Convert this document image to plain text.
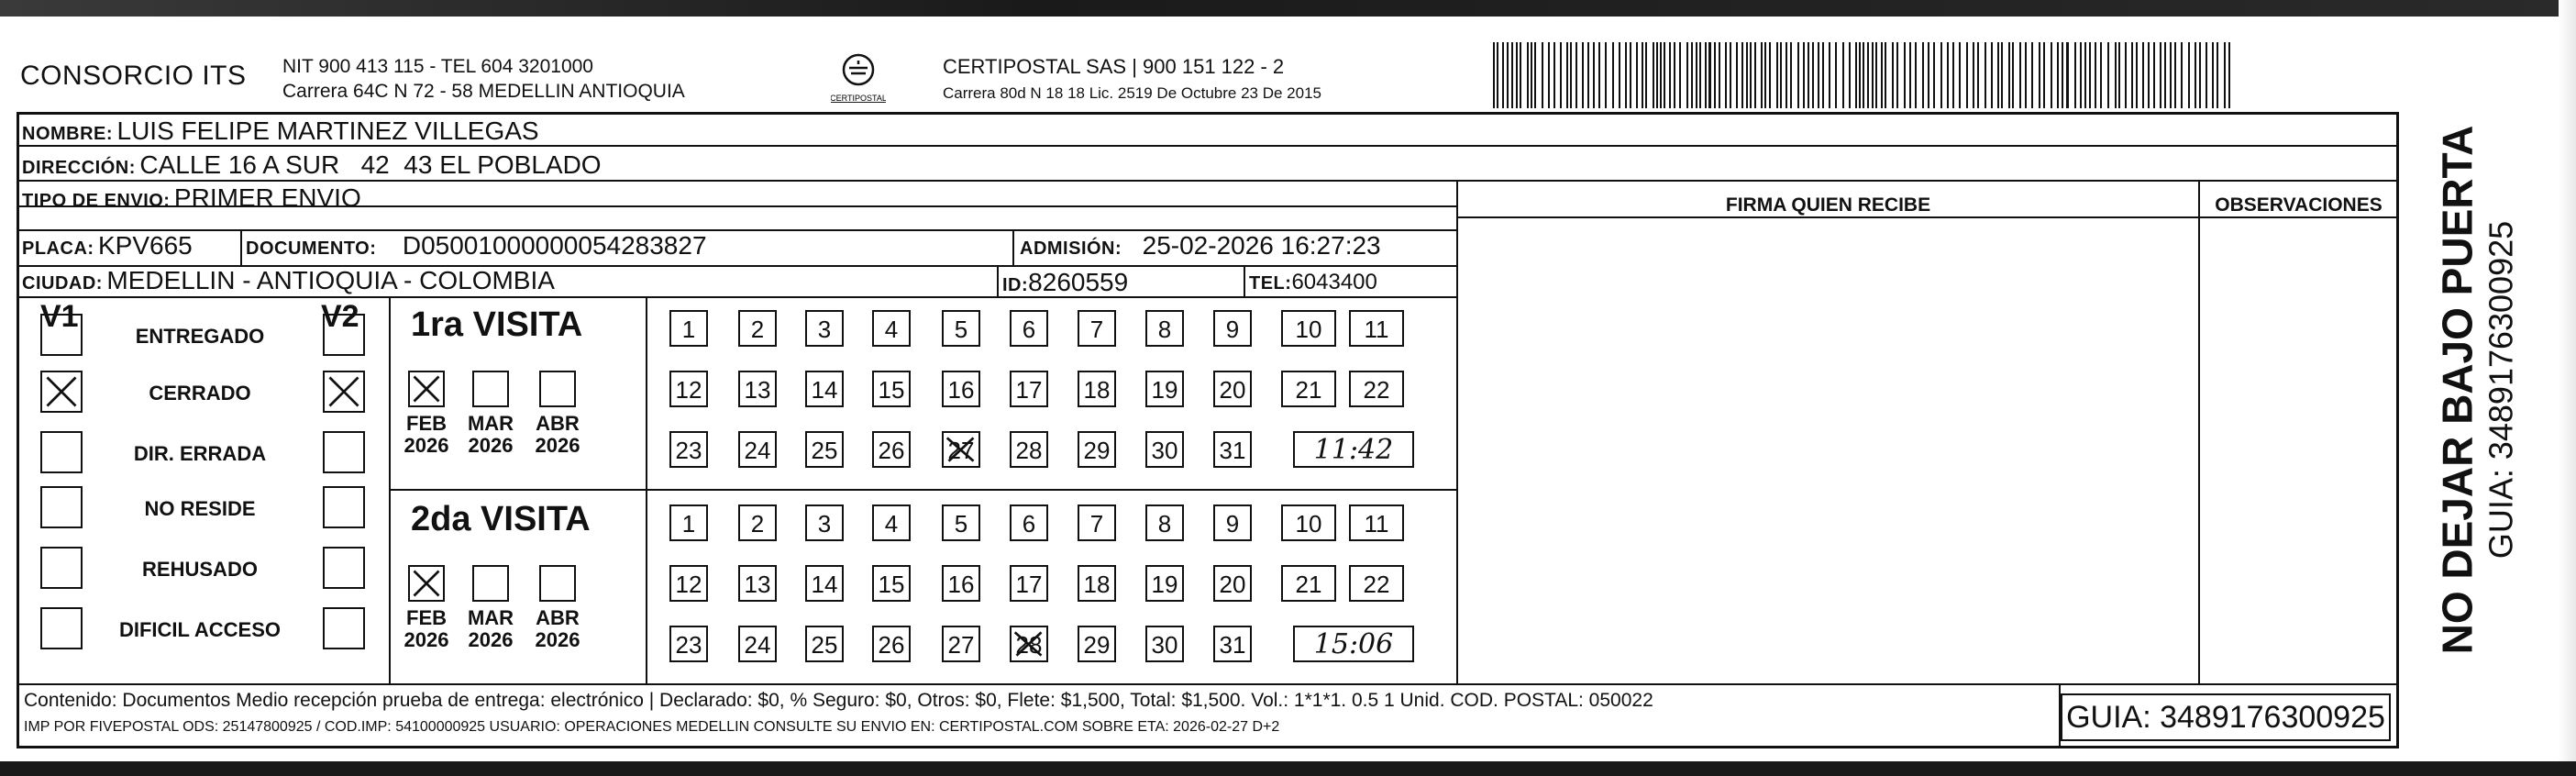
CONSORCIO ITS NIT 900 413 115 - TEL 604 3201000
Carrera 64C N 72 - 58 MEDELLIN ANTIOQUIA	CERTIPOSTAL
CERTIPOSTAL SAS | 900 151 122 - 2
Carrera 80d N 18 18 Lic. 2519 De Octubre 23 De 2015
NOMBRE: LUIS FELIPE MARTINEZ VILLEGAS
DIRECCIÓN: CALLE 16 A SUR   42  43 EL POBLADO
TIPO DE ENVIO: PRIMER ENVIO	FIRMA QUIEN RECIBE	OBSERVACIONES
PLACA: KPV665	DOCUMENTO: D05001000000054283827	ADMISIÓN: 25-02-2026 16:27:23
CIUDAD: MEDELLIN - ANTIOQUIA - COLOMBIA	ID:8260559	TEL:6043400
V1	V2
ENTREGADO
CERRADO
DIR. ERRADA
NO RESIDE
REHUSADO
DIFICIL ACCESO
1ra VISITA
2da VISITA
FEB
2026
MAR
2026
ABR
2026
1	2	3	4	5	6	7	8	9	10	11
12 13 14 15 16 17 18 19 20	21	22
23 24 25 26 27 28 29 30 31	11:42
FEB
2026
MAR
2026
ABR
2026
1	2	3	4	5	6	7	8	9	10	11
12 13 14 15 16 17 18 19 20	21	22
23 24 25 26 27 28 29 30 31	15:06
Contenido: Documentos Medio recepción prueba de entrega: electrónico | Declarado: $0, % Seguro: $0, Otros: $0, Flete: $1,500, Total: $1,500. Vol.: 1*1*1. 0.5 1 Unid. COD. POSTAL: 050022
IMP POR FIVEPOSTAL ODS: 25147800925 / COD.IMP: 54100000925 USUARIO: OPERACIONES MEDELLIN CONSULTE SU ENVIO EN: CERTIPOSTAL.COM SOBRE ETA: 2026-02-27 D+2	GUIA: 3489176300925
NO DEJAR BAJO PUERTA GUIA: 3489176300925
